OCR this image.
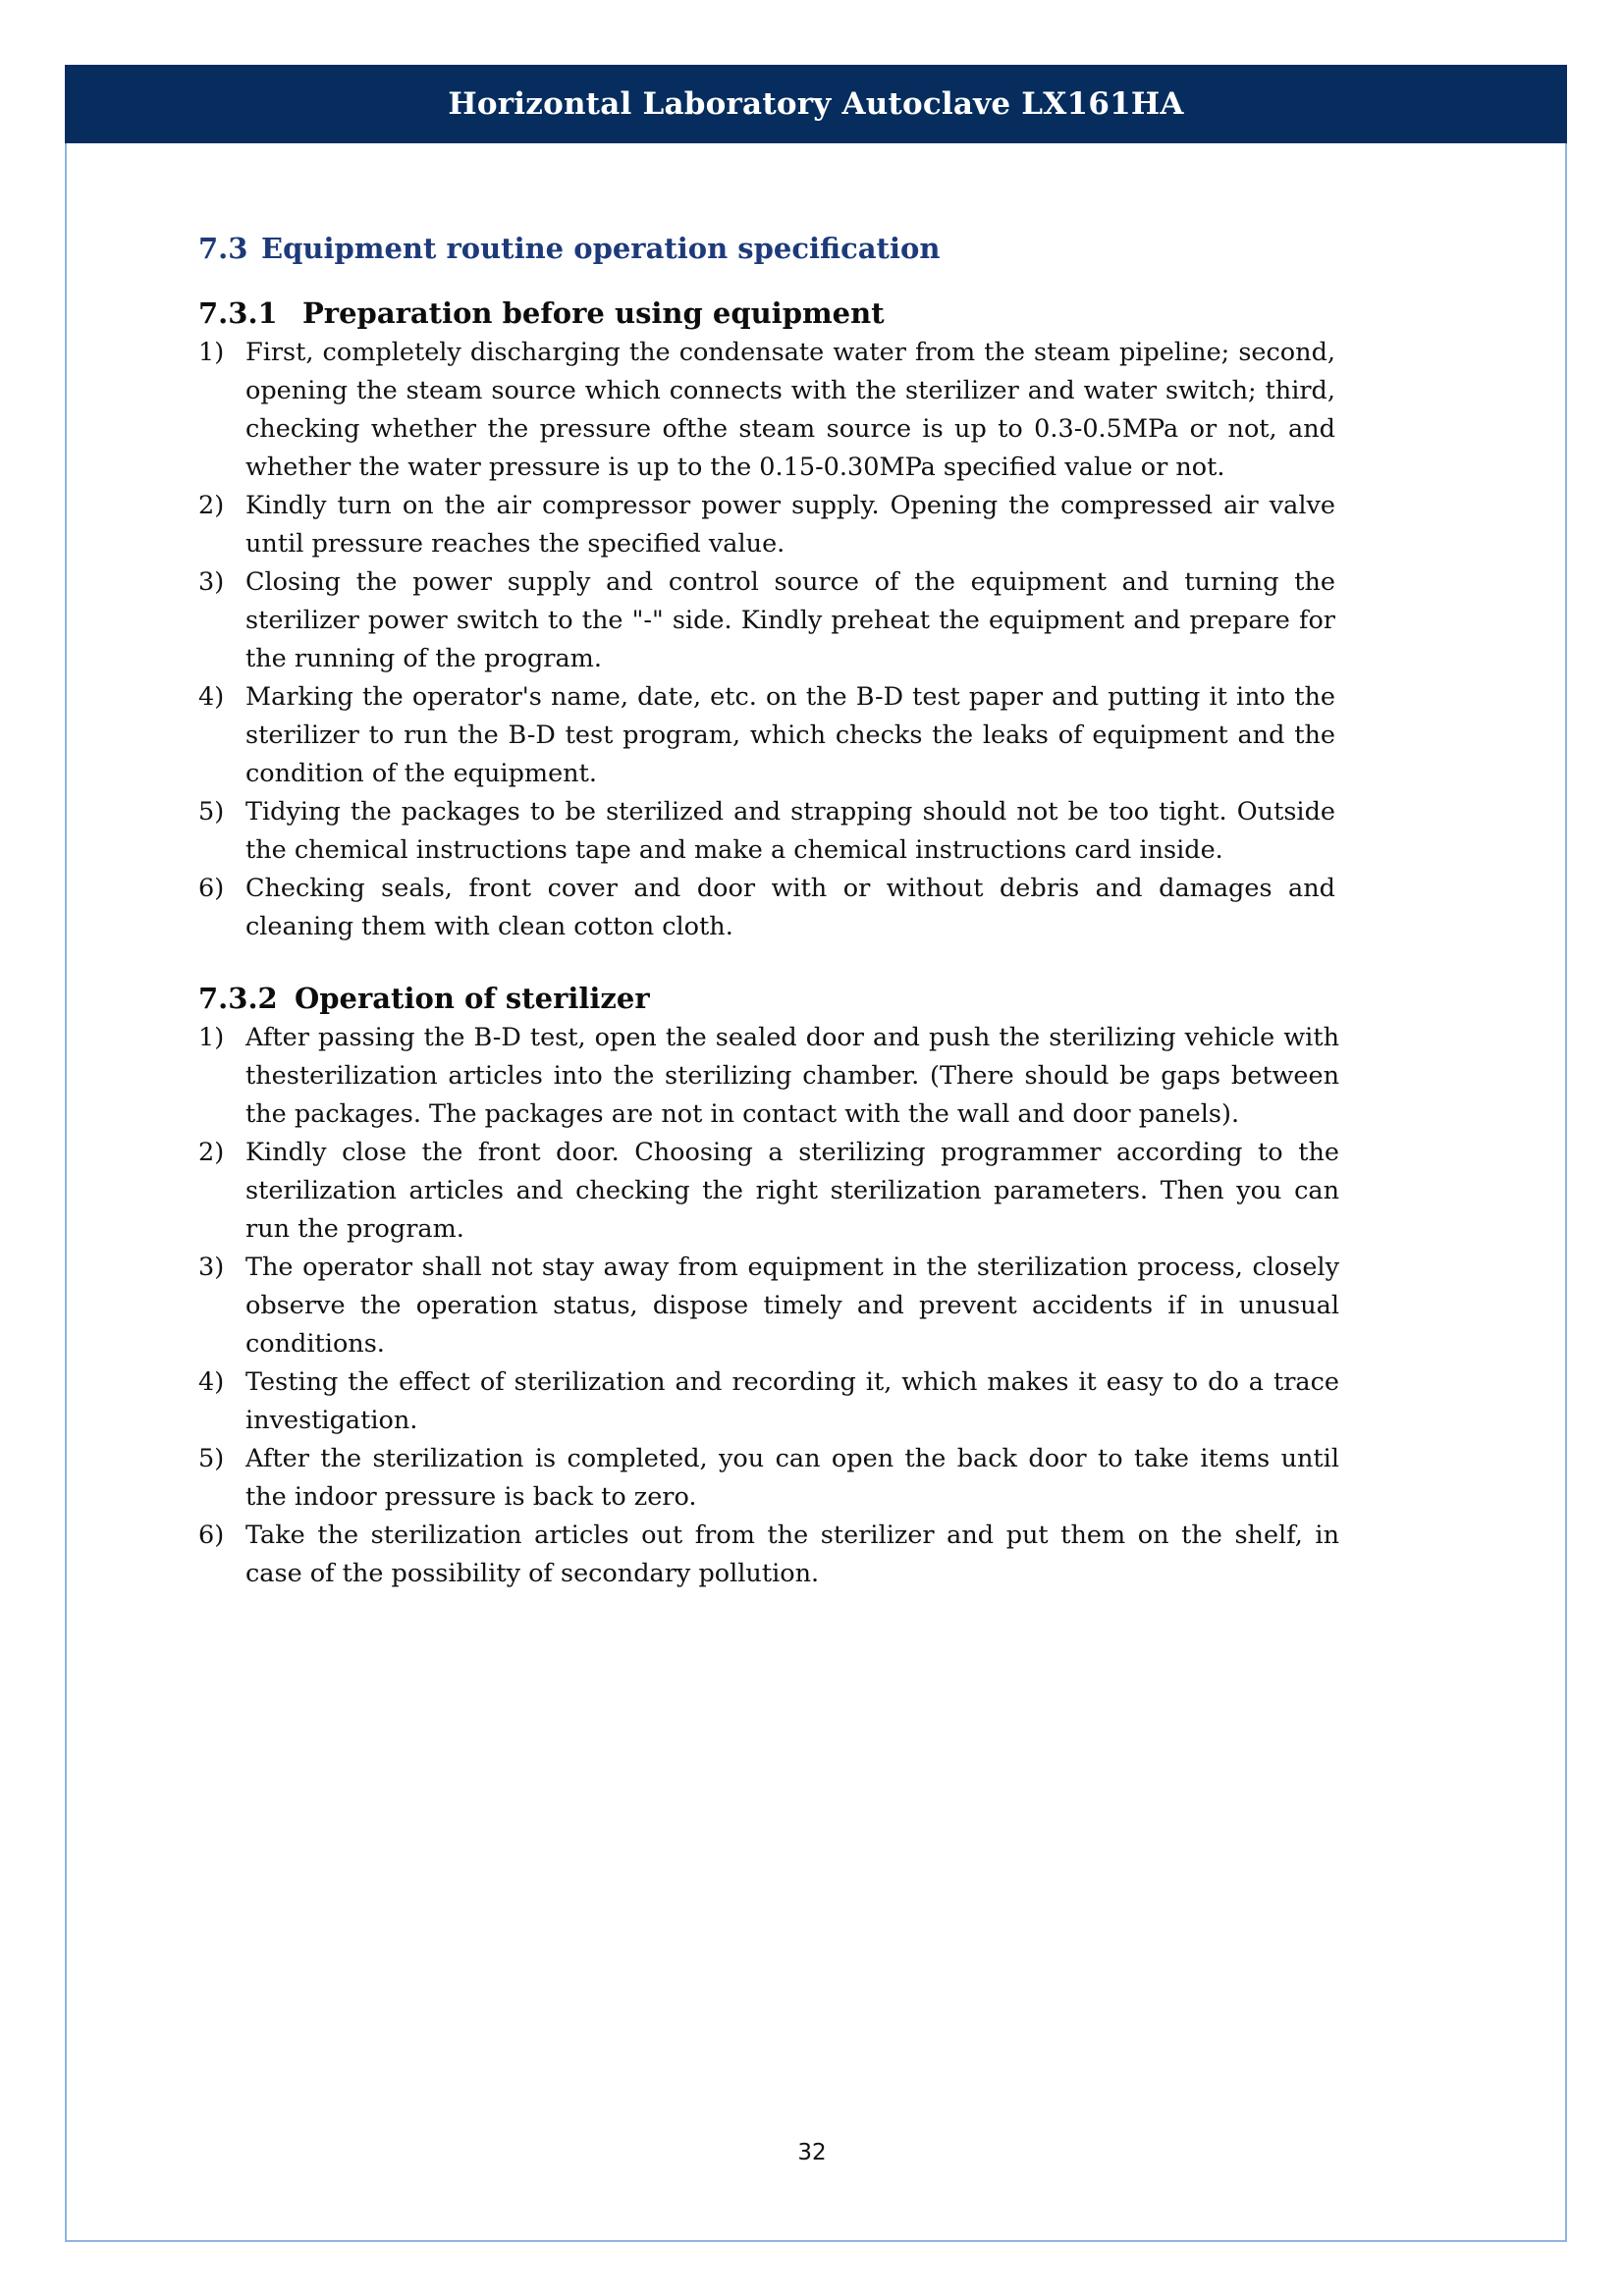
Horizontal Laboratory Autoclave LX161HA
7.3 Equipment routine operation specification
7.3.1 Preparation before using equipment
1) First, completely discharging the condensate water from the steam pipeline; second, opening the steam source which connects with the sterilizer and water switch; third, checking whether the pressure ofthe steam source is up to 0.3-0.5MPa or not, and whether the water pressure is up to the 0.15-0.30MPa specified value or not.
2) Kindly turn on the air compressor power supply. Opening the compressed air valve until pressure reaches the specified value.
3) Closing the power supply and control source of the equipment and turning the sterilizer power switch to the "-" side. Kindly preheat the equipment and prepare for the running of the program.
4) Marking the operator's name, date, etc. on the B-D test paper and putting it into the sterilizer to run the B-D test program, which checks the leaks of equipment and the condition of the equipment.
5) Tidying the packages to be sterilized and strapping should not be too tight. Outside the chemical instructions tape and make a chemical instructions card inside.
6) Checking seals, front cover and door with or without debris and damages and cleaning them with clean cotton cloth.
7.3.2 Operation of sterilizer
1) After passing the B-D test, open the sealed door and push the sterilizing vehicle with thesterilization articles into the sterilizing chamber. (There should be gaps between the packages. The packages are not in contact with the wall and door panels).
2) Kindly close the front door. Choosing a sterilizing programmer according to the sterilization articles and checking the right sterilization parameters. Then you can run the program.
3) The operator shall not stay away from equipment in the sterilization process, closely observe the operation status, dispose timely and prevent accidents if in unusual conditions.
4) Testing the effect of sterilization and recording it, which makes it easy to do a trace investigation.
5) After the sterilization is completed, you can open the back door to take items until the indoor pressure is back to zero.
6) Take the sterilization articles out from the sterilizer and put them on the shelf, in case of the possibility of secondary pollution.
32
